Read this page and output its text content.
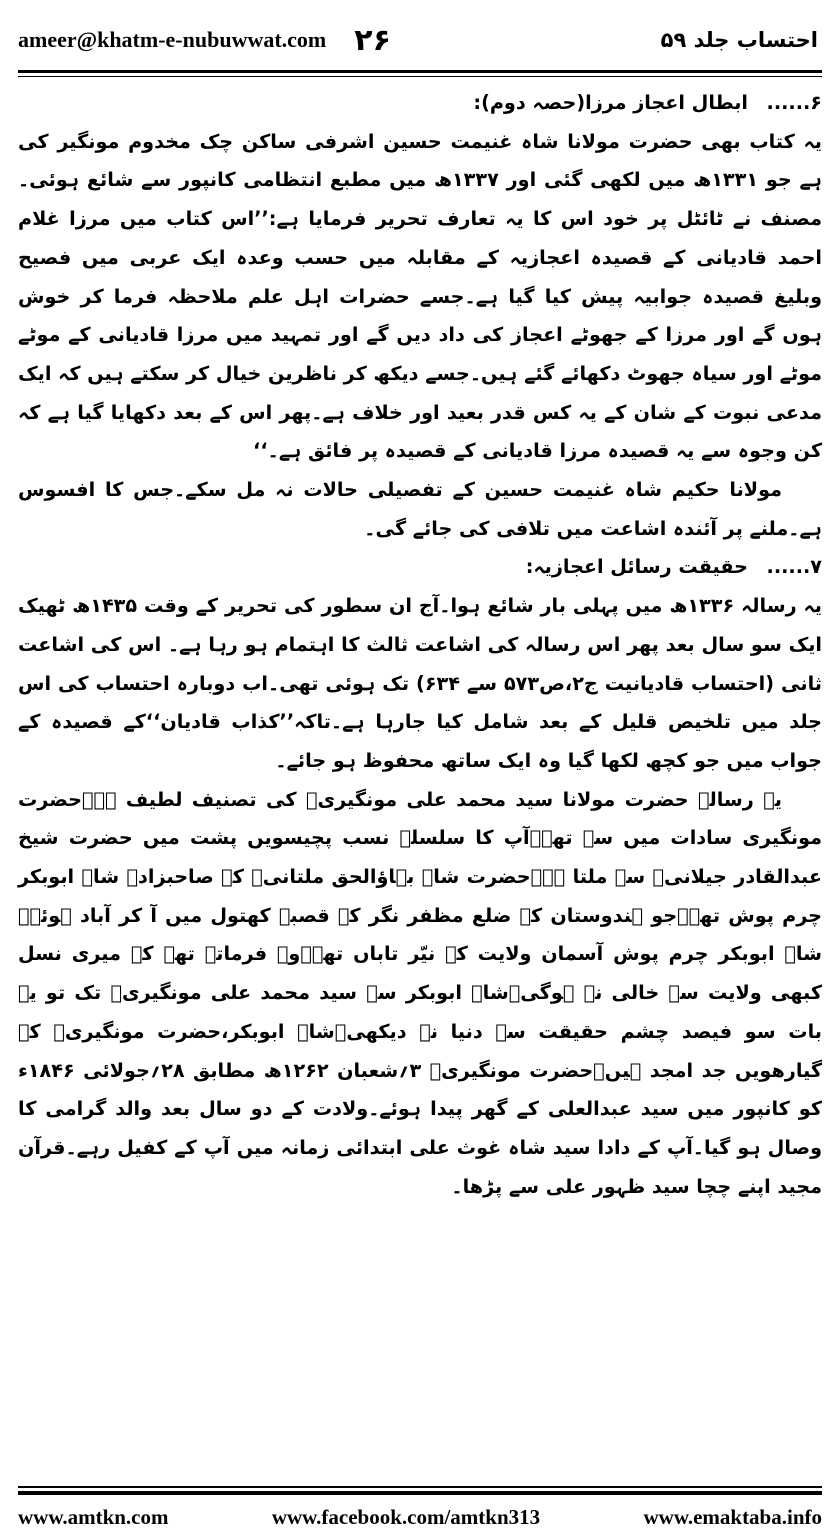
ameer@khatm-e-nubuwwat.com ۲۶	احتساب جلد ۵۹
۶......
ابطال اعجاز مرزا(حصہ دوم):

یہ کتاب بھی حضرت مولانا شاہ غنیمت حسین اشرفی ساکن چک مخدوم مونگیر کی ہے جو ۱۳۳۱ھ میں لکھی گئی اور ۱۳۳۷ھ میں مطبع انتظامی کانپور سے شائع ہوئی۔ مصنف نے ٹائٹل پر خود اس کا یہ تعارف تحریر فرمایا ہے:’’اس کتاب میں مرزا غلام احمد قادیانی کے قصیدہ اعجازیہ کے مقابلہ میں حسب وعدہ ایک عربی میں فصیح وبلیغ قصیدہ جوابیہ پیش کیا گیا ہے۔جسے حضرات اہل علم ملاحظہ فرما کر خوش ہوں گے اور مرزا کے جھوٹے اعجاز کی داد دیں گے اور تمہید میں مرزا قادیانی کے موٹے موٹے اور سیاہ جھوٹ دکھائے گئے ہیں۔جسے دیکھ کر ناظرین خیال کر سکتے ہیں کہ ایک مدعی نبوت کے شان کے یہ کس قدر بعید اور خلاف ہے۔پھر اس کے بعد دکھایا گیا ہے کہ کن وجوہ سے یہ قصیدہ مرزا قادیانی کے قصیدہ پر فائق ہے۔‘‘

مولانا حکیم شاہ غنیمت حسین کے تفصیلی حالات نہ مل سکے۔جس کا افسوس ہے۔ملنے پر آئندہ اشاعت میں تلافی کی جائے گی۔

۷......
حقیقت رسائل اعجازیہ:

یہ رسالہ ۱۳۳۶ھ میں پہلی بار شائع ہوا۔آج ان سطور کی تحریر کے وقت ۱۴۳۵ھ ٹھیک ایک سو سال بعد پھر اس رسالہ کی اشاعت ثالث کا اہتمام ہو رہا ہے۔ اس کی اشاعت ثانی (احتساب قادیانیت ج۲،ص۵۷۳ سے ۶۳۴) تک ہوئی تھی۔اب دوبارہ احتساب کی اس جلد میں تلخیص قلیل کے بعد شامل کیا جارہا ہے۔تاکہ’’کذاب قادیان‘‘کے قصیدہ کے جواب میں جو کچھ لکھا گیا وہ ایک ساتھ محفوظ ہو جائے۔

یہ رسالہ حضرت مولانا سید محمد علی مونگیریؒ کی تصنیف لطیف ہے۔حضرت مونگیری سادات میں سے تھے۔آپ کا سلسلہ نسب پچیسویں پشت میں حضرت شیخ عبدالقادر جیلانیؒ سے ملتا ہے۔حضرت شاہ بہاؤالحق ملتانیؒ کے صاحبزادہ شاہ ابوبکر چرم پوش تھے۔جو ہندوستان کے ضلع مظفر نگر کے قصبہ کھتول میں آ کر آباد ہوئے۔شاہ ابوبکر چرم پوش آسمان ولایت کے نیّر تاباں تھے۔وہ فرماتے تھے کہ میری نسل کبھی ولایت سے خالی نہ ہوگی۔شاہ ابوبکر سے سید محمد علی مونگیریؒ تک تو یہ بات سو فیصد چشم حقیقت سے دنیا نے دیکھی۔شاہ ابوبکر،حضرت مونگیریؒ کے گیارھویں جد امجد ہیں۔حضرت مونگیریؒ ۳؍شعبان ۱۲۶۲ھ مطابق ۲۸؍جولائی ۱۸۴۶ء کو کانپور میں سید عبدالعلی کے گھر پیدا ہوئے۔ولادت کے دو سال بعد والد گرامی کا وصال ہو گیا۔آپ کے دادا سید شاہ غوث علی ابتدائی زمانہ میں آپ کے کفیل رہے۔قرآن مجید اپنے چچا سید ظہور علی سے پڑھا۔

www.amtkn.com	www.facebook.com/amtkn313	www.emaktaba.info
